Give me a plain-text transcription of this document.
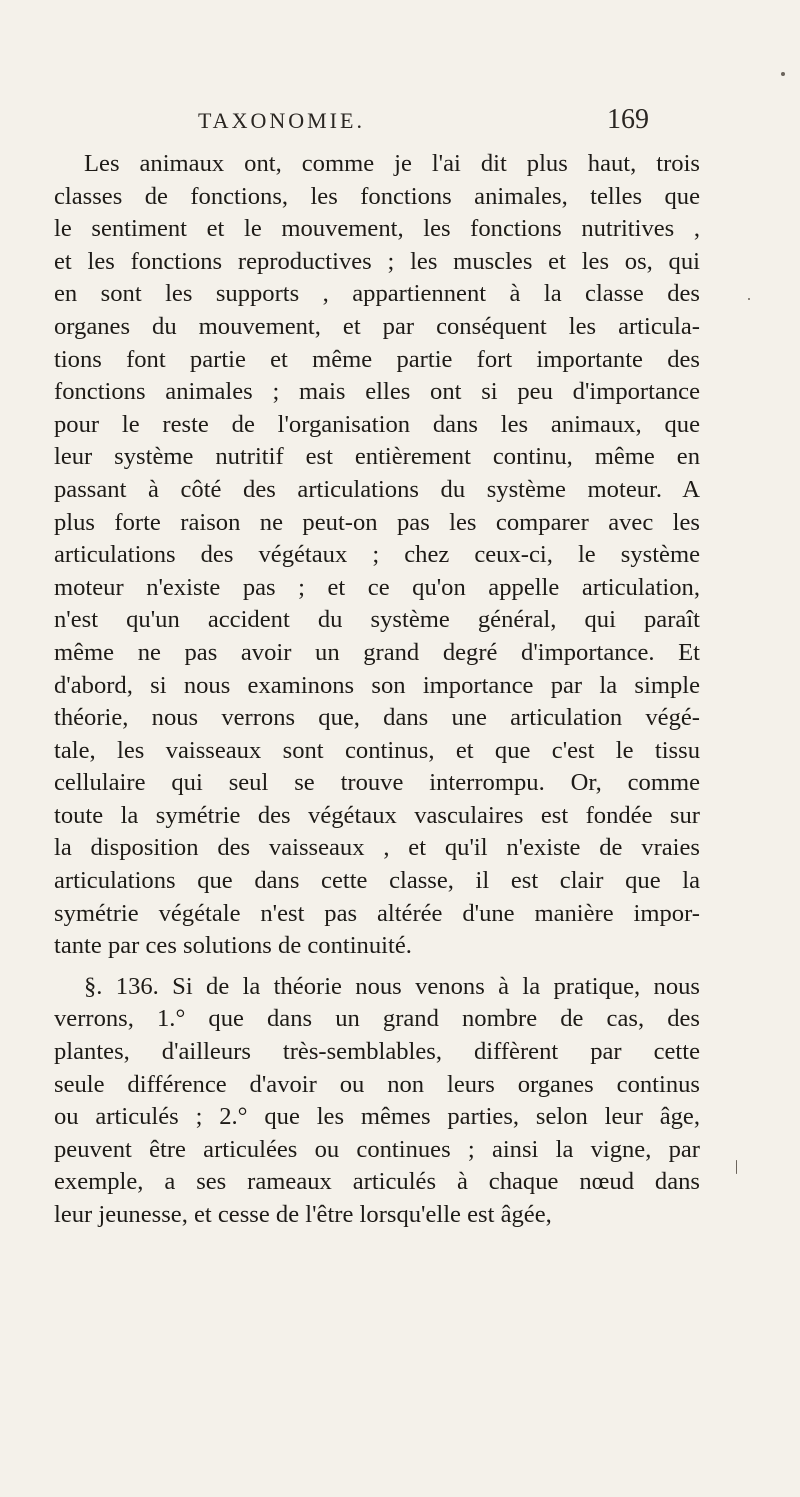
TAXONOMIE.	169
Les animaux ont, comme je l'ai dit plus haut, trois
classes de fonctions, les fonctions animales, telles que
le sentiment et le mouvement, les fonctions nutritives ,
et les fonctions reproductives ; les muscles et les os, qui
en sont les supports , appartiennent à la classe des
organes du mouvement, et par conséquent les articula-
tions font partie et même partie fort importante des
fonctions animales ; mais elles ont si peu d'importance
pour le reste de l'organisation dans les animaux, que
leur système nutritif est entièrement continu, même en
passant à côté des articulations du système moteur. A
plus forte raison ne peut-on pas les comparer avec les
articulations des végétaux ; chez ceux-ci, le système
moteur n'existe pas ; et ce qu'on appelle articulation,
n'est qu'un accident du système général, qui paraît
même ne pas avoir un grand degré d'importance. Et
d'abord, si nous examinons son importance par la simple
théorie, nous verrons que, dans une articulation végé-
tale, les vaisseaux sont continus, et que c'est le tissu
cellulaire qui seul se trouve interrompu. Or, comme
toute la symétrie des végétaux vasculaires est fondée sur
la disposition des vaisseaux , et qu'il n'existe de vraies
articulations que dans cette classe, il est clair que la
symétrie végétale n'est pas altérée d'une manière impor-
tante par ces solutions de continuité.
§. 136. Si de la théorie nous venons à la pratique, nous
verrons, 1.° que dans un grand nombre de cas, des
plantes, d'ailleurs très-semblables, diffèrent par cette
seule différence d'avoir ou non leurs organes continus
ou articulés ; 2.° que les mêmes parties, selon leur âge,
peuvent être articulées ou continues ; ainsi la vigne, par
exemple, a ses rameaux articulés à chaque nœud dans
leur jeunesse, et cesse de l'être lorsqu'elle est âgée,
